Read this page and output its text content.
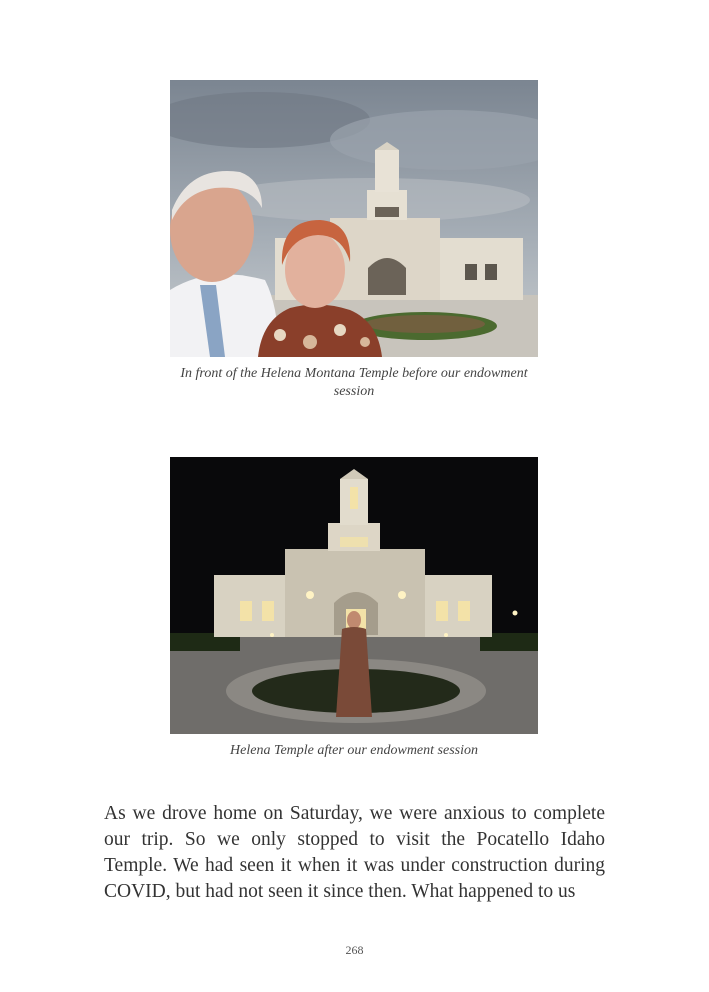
In front of the Helena Montana Temple before our endowment session
Helena Temple after our endowment session
As we drove home on Saturday, we were anxious to complete our trip. So we only stopped to visit the Pocatello Idaho Temple. We had seen it when it was under construction during COVID, but had not seen it since then. What happened to us
268
